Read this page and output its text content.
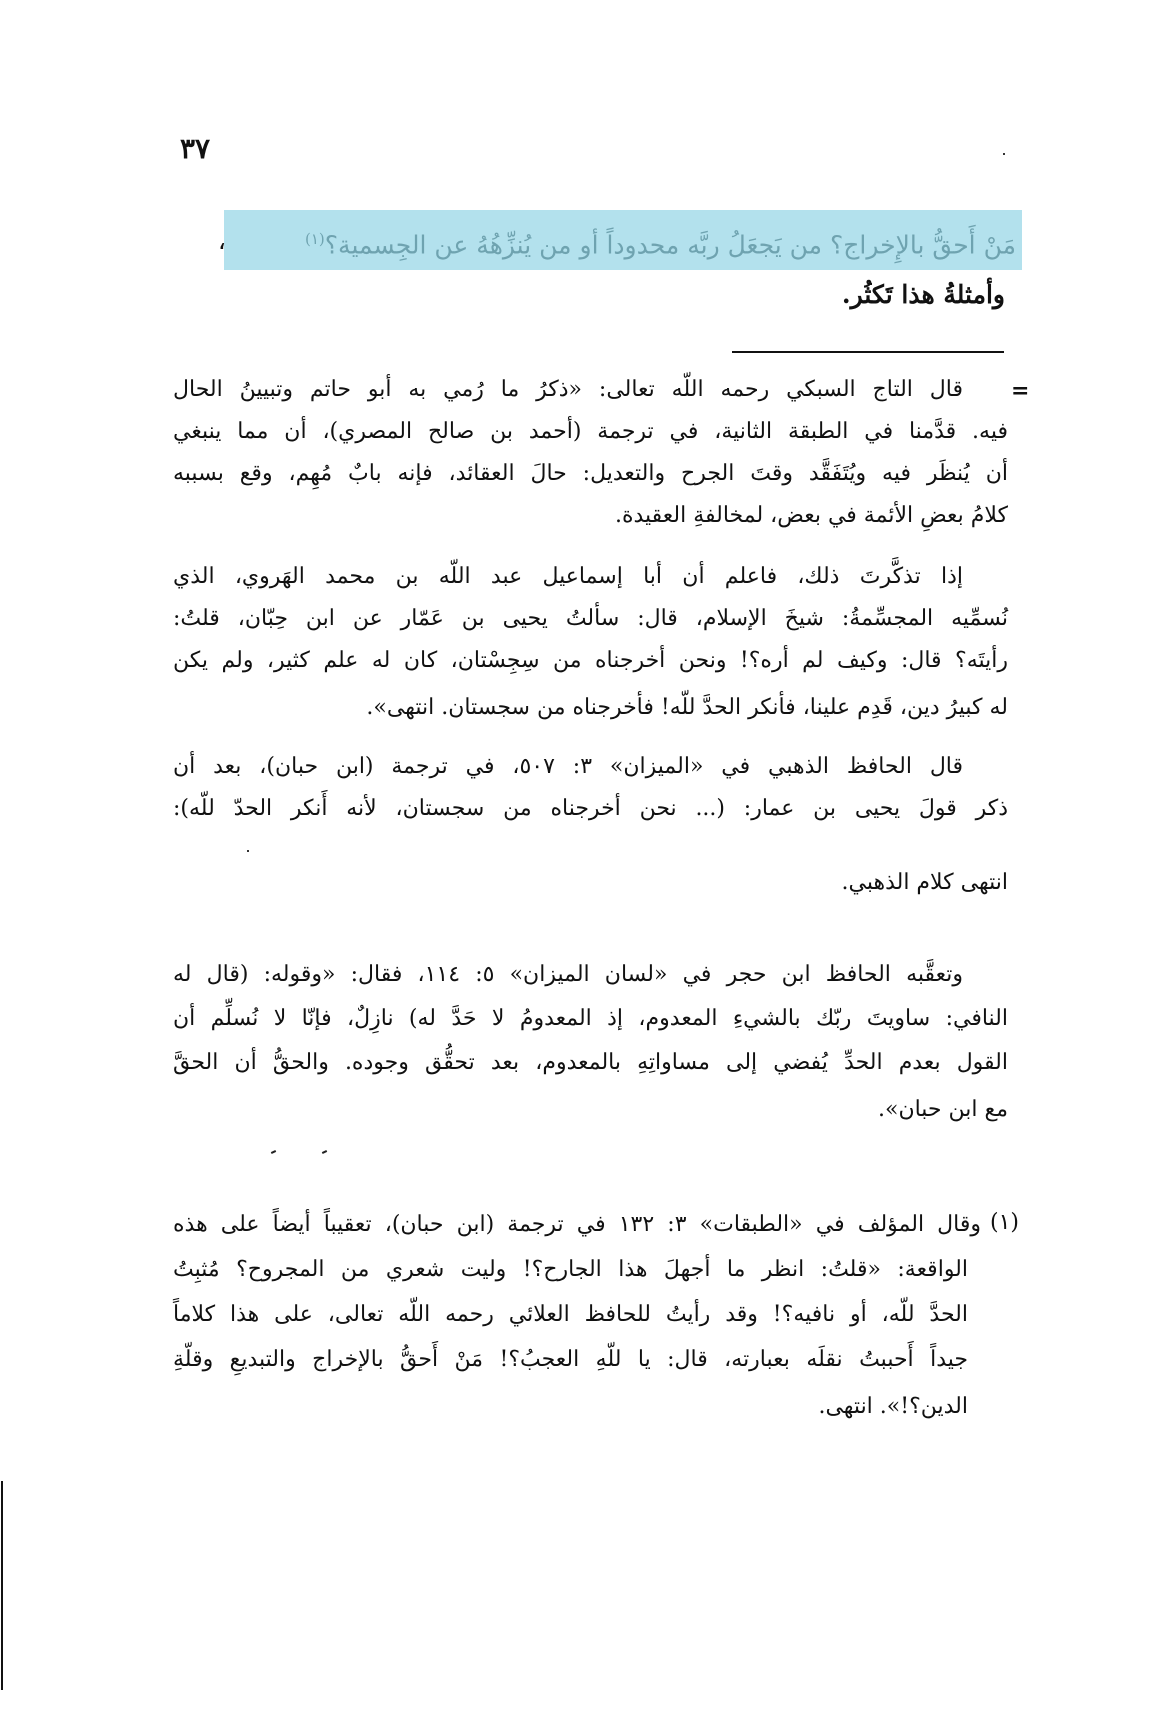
٣٧
مَنْ أَحقُّ بالإِخراج؟ من يَجعَلُ ربَّه محدوداً أو من يُنزِّهُهُ عن الجِسمية؟$^{(١)}$
،
وأمثلةُ هذا تَكثُر.
=
قال التاج السبكي رحمه اللّه تعالى: «ذكرُ ما رُمي به أبو حاتم وتبيينُ الحال
فيه. قدَّمنا في الطبقة الثانية، في ترجمة (أحمد بن صالح المصري)، أن مما ينبغي
أن يُنظَر فيه ويُتَفَقَّد وقتَ الجرح والتعديل: حالَ العقائد، فإنه بابٌ مُهِم، وقع بسببه
كلامُ بعضِ الأئمة في بعض، لمخالفةِ العقيدة.
إذا تذكَّرتَ ذلك، فاعلم أن أبا إسماعيل عبد اللّه بن محمد الهَروي، الذي
نُسمِّيه المجسِّمةُ: شيخَ الإسلام، قال: سألتُ يحيى بن عَمّار عن ابن حِبّان، قلتُ:
رأيتَه؟ قال: وكيف لم أره؟! ونحن أخرجناه من سِجِسْتان، كان له علم كثير، ولم يكن
له كبيرُ دين، قَدِم علينا، فأنكر الحدَّ للّه! فأخرجناه من سجستان. انتهى».
قال الحافظ الذهبي في «الميزان» ٣: ٥٠٧، في ترجمة (ابن حبان)، بعد أن
ذكر قولَ يحيى بن عمار: (... نحن أخرجناه من سجستان، لأنه أَنكر الحدّ للّه):
انتهى كلام الذهبي.
وتعقَّبه الحافظ ابن حجر في «لسان الميزان» ٥: ١١٤، فقال: «وقوله: (قال له
النافي: ساويتَ ربّك بالشيءِ المعدوم، إذ المعدومُ لا حَدَّ له) نازِلٌ، فإنّا لا نُسلِّم أن
القول بعدم الحدِّ يُفضي إلى مساواتِهِ بالمعدوم، بعد تحقُّق وجوده. والحقُّ أن الحقَّ
مع ابن حبان».
(١)
وقال المؤلف في «الطبقات» ٣: ١٣٢ في ترجمة (ابن حبان)، تعقيباً أيضاً على هذه
الواقعة: «قلتُ: انظر ما أجهلَ هذا الجارح؟! وليت شعري من المجروح؟ مُثبِتُ
الحدَّ للّه، أو نافيه؟! وقد رأيتُ للحافظ العلائي رحمه اللّه تعالى، على هذا كلاماً
جيداً أَحببتُ نقلَه بعبارته، قال: يا للّهِ العجبُ؟! مَنْ أَحقُّ بالإخراج والتبديعِ وقلّةِ
الدين؟!». انتهى.
